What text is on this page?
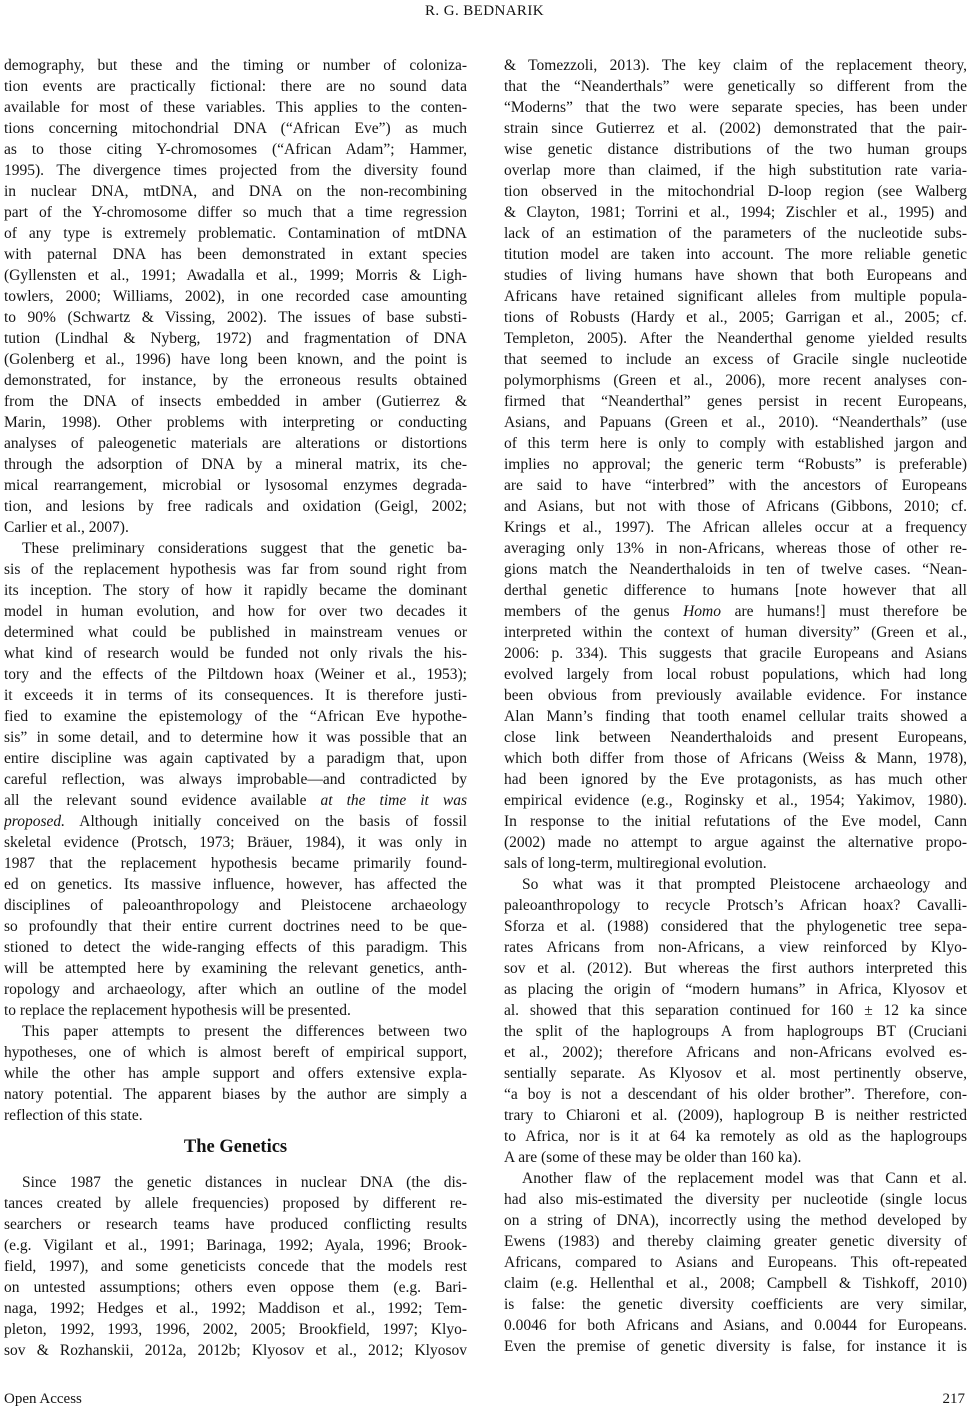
R. G. BEDNARIK
demography, but these and the timing or number of coloniza-
tion events are practically fictional: there are no sound data
available for most of these variables. This applies to the conten-
tions concerning mitochondrial DNA (“African Eve”) as much
as to those citing Y-chromosomes (“African Adam”; Hammer,
1995). The divergence times projected from the diversity found
in nuclear DNA, mtDNA, and DNA on the non-recombining
part of the Y-chromosome differ so much that a time regression
of any type is extremely problematic. Contamination of mtDNA
with paternal DNA has been demonstrated in extant species
(Gyllensten et al., 1991; Awadalla et al., 1999; Morris & Ligh-
towlers, 2000; Williams, 2002), in one recorded case amounting
to 90% (Schwartz & Vissing, 2002). The issues of base substi-
tution (Lindhal & Nyberg, 1972) and fragmentation of DNA
(Golenberg et al., 1996) have long been known, and the point is
demonstrated, for instance, by the erroneous results obtained
from the DNA of insects embedded in amber (Gutierrez &
Marin, 1998). Other problems with interpreting or conducting
analyses of paleogenetic materials are alterations or distortions
through the adsorption of DNA by a mineral matrix, its che-
mical rearrangement, microbial or lysosomal enzymes degrada-
tion, and lesions by free radicals and oxidation (Geigl, 2002;
Carlier et al., 2007).
These preliminary considerations suggest that the genetic ba-
sis of the replacement hypothesis was far from sound right from
its inception. The story of how it rapidly became the dominant
model in human evolution, and how for over two decades it
determined what could be published in mainstream venues or
what kind of research would be funded not only rivals the his-
tory and the effects of the Piltdown hoax (Weiner et al., 1953);
it exceeds it in terms of its consequences. It is therefore justi-
fied to examine the epistemology of the “African Eve hypothe-
sis” in some detail, and to determine how it was possible that an
entire discipline was again captivated by a paradigm that, upon
careful reflection, was always improbable—and contradicted by
all the relevant sound evidence available at the time it was
proposed. Although initially conceived on the basis of fossil
skeletal evidence (Protsch, 1973; Bräuer, 1984), it was only in
1987 that the replacement hypothesis became primarily found-
ed on genetics. Its massive influence, however, has affected the
disciplines of paleoanthropology and Pleistocene archaeology
so profoundly that their entire current doctrines need to be que-
stioned to detect the wide-ranging effects of this paradigm. This
will be attempted here by examining the relevant genetics, anth-
ropology and archaeology, after which an outline of the model
to replace the replacement hypothesis will be presented.
This paper attempts to present the differences between two
hypotheses, one of which is almost bereft of empirical support,
while the other has ample support and offers extensive expla-
natory potential. The apparent biases by the author are simply a
reflection of this state.
The Genetics
Since 1987 the genetic distances in nuclear DNA (the dis-
tances created by allele frequencies) proposed by different re-
searchers or research teams have produced conflicting results
(e.g. Vigilant et al., 1991; Barinaga, 1992; Ayala, 1996; Brook-
field, 1997), and some geneticists concede that the models rest
on untested assumptions; others even oppose them (e.g. Bari-
naga, 1992; Hedges et al., 1992; Maddison et al., 1992; Tem-
pleton, 1992, 1993, 1996, 2002, 2005; Brookfield, 1997; Klyo-
sov & Rozhanskii, 2012a, 2012b; Klyosov et al., 2012; Klyosov
& Tomezzoli, 2013). The key claim of the replacement theory,
that the “Neanderthals” were genetically so different from the
“Moderns” that the two were separate species, has been under
strain since Gutierrez et al. (2002) demonstrated that the pair-
wise genetic distance distributions of the two human groups
overlap more than claimed, if the high substitution rate varia-
tion observed in the mitochondrial D-loop region (see Walberg
& Clayton, 1981; Torrini et al., 1994; Zischler et al., 1995) and
lack of an estimation of the parameters of the nucleotide subs-
titution model are taken into account. The more reliable genetic
studies of living humans have shown that both Europeans and
Africans have retained significant alleles from multiple popula-
tions of Robusts (Hardy et al., 2005; Garrigan et al., 2005; cf.
Templeton, 2005). After the Neanderthal genome yielded results
that seemed to include an excess of Gracile single nucleotide
polymorphisms (Green et al., 2006), more recent analyses con-
firmed that “Neanderthal” genes persist in recent Europeans,
Asians, and Papuans (Green et al., 2010). “Neanderthals” (use
of this term here is only to comply with established jargon and
implies no approval; the generic term “Robusts” is preferable)
are said to have “interbred” with the ancestors of Europeans
and Asians, but not with those of Africans (Gibbons, 2010; cf.
Krings et al., 1997). The African alleles occur at a frequency
averaging only 13% in non-Africans, whereas those of other re-
gions match the Neanderthaloids in ten of twelve cases. “Nean-
derthal genetic difference to humans [note however that all
members of the genus Homo are humans!] must therefore be
interpreted within the context of human diversity” (Green et al.,
2006: p. 334). This suggests that gracile Europeans and Asians
evolved largely from local robust populations, which had long
been obvious from previously available evidence. For instance
Alan Mann’s finding that tooth enamel cellular traits showed a
close link between Neanderthaloids and present Europeans,
which both differ from those of Africans (Weiss & Mann, 1978),
had been ignored by the Eve protagonists, as has much other
empirical evidence (e.g., Roginsky et al., 1954; Yakimov, 1980).
In response to the initial refutations of the Eve model, Cann
(2002) made no attempt to argue against the alternative propo-
sals of long-term, multiregional evolution.
So what was it that prompted Pleistocene archaeology and
paleoanthropology to recycle Protsch’s African hoax? Cavalli-
Sforza et al. (1988) considered that the phylogenetic tree sepa-
rates Africans from non-Africans, a view reinforced by Klyo-
sov et al. (2012). But whereas the first authors interpreted this
as placing the origin of “modern humans” in Africa, Klyosov et
al. showed that this separation continued for 160 ± 12 ka since
the split of the haplogroups A from haplogroups BT (Cruciani
et al., 2002); therefore Africans and non-Africans evolved es-
sentially separate. As Klyosov et al. most pertinently observe,
“a boy is not a descendant of his older brother”. Therefore, con-
trary to Chiaroni et al. (2009), haplogroup B is neither restricted
to Africa, nor is it at 64 ka remotely as old as the haplogroups
A are (some of these may be older than 160 ka).
Another flaw of the replacement model was that Cann et al.
had also mis-estimated the diversity per nucleotide (single locus
on a string of DNA), incorrectly using the method developed by
Ewens (1983) and thereby claiming greater genetic diversity of
Africans, compared to Asians and Europeans. This oft-repeated
claim (e.g. Hellenthal et al., 2008; Campbell & Tishkoff, 2010)
is false: the genetic diversity coefficients are very similar,
0.0046 for both Africans and Asians, and 0.0044 for Europeans.
Even the premise of genetic diversity is false, for instance it is
Open Access	217
